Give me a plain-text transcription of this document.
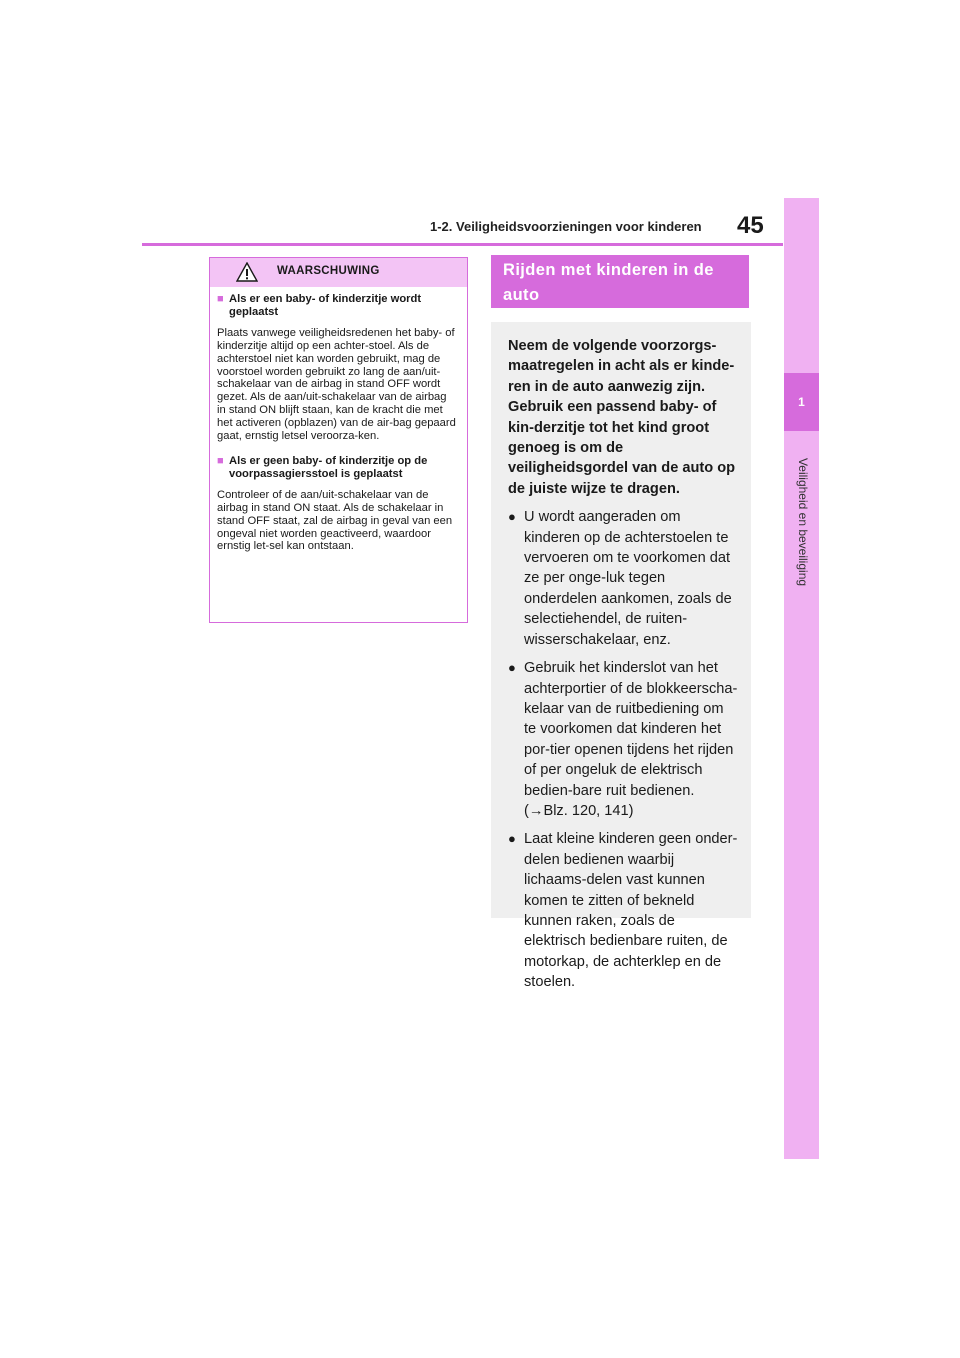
1-2. Veiligheidsvoorzieningen voor kinderen 45
1
Veiligheid en beveiliging
WAARSCHUWING
■ Als er een baby- of kinderzitje wordt geplaatst

Plaats vanwege veiligheidsredenen het baby- of kinderzitje altijd op een achter-stoel. Als de achterstoel niet kan worden gebruikt, mag de voorstoel worden gebruikt zo lang de aan/uit-schakelaar van de airbag in stand OFF wordt gezet. Als de aan/uit-schakelaar van de airbag in stand ON blijft staan, kan de kracht die met het activeren (opblazen) van de air-bag gepaard gaat, ernstig letsel veroorza-ken.

■ Als er geen baby- of kinderzitje op de voorpassagiersstoel is geplaatst

Controleer of de aan/uit-schakelaar van de airbag in stand ON staat. Als de schakelaar in stand OFF staat, zal de airbag in geval van een ongeval niet worden geactiveerd, waardoor ernstig let-sel kan ontstaan.

Rijden met kinderen in de auto

Neem de volgende voorzorgs-maatregelen in acht als er kinde-ren in de auto aanwezig zijn. Gebruik een passend baby- of kin-derzitje tot het kind groot genoeg is om de veiligheidsgordel van de auto op de juiste wijze te dragen.

● U wordt aangeraden om kinderen op de achterstoelen te vervoeren om te voorkomen dat ze per onge-luk tegen onderdelen aankomen, zoals de selectiehendel, de ruiten-wisserschakelaar, enz.
● Gebruik het kinderslot van het achterportier of de blokkeerscha-kelaar van de ruitbediening om te voorkomen dat kinderen het por-tier openen tijdens het rijden of per ongeluk de elektrisch bedien-bare ruit bedienen. (→Blz. 120, 141)
● Laat kleine kinderen geen onder-delen bedienen waarbij lichaams-delen vast kunnen komen te zitten of bekneld kunnen raken, zoals de elektrisch bedienbare ruiten, de motorkap, de achterklep en de stoelen.
